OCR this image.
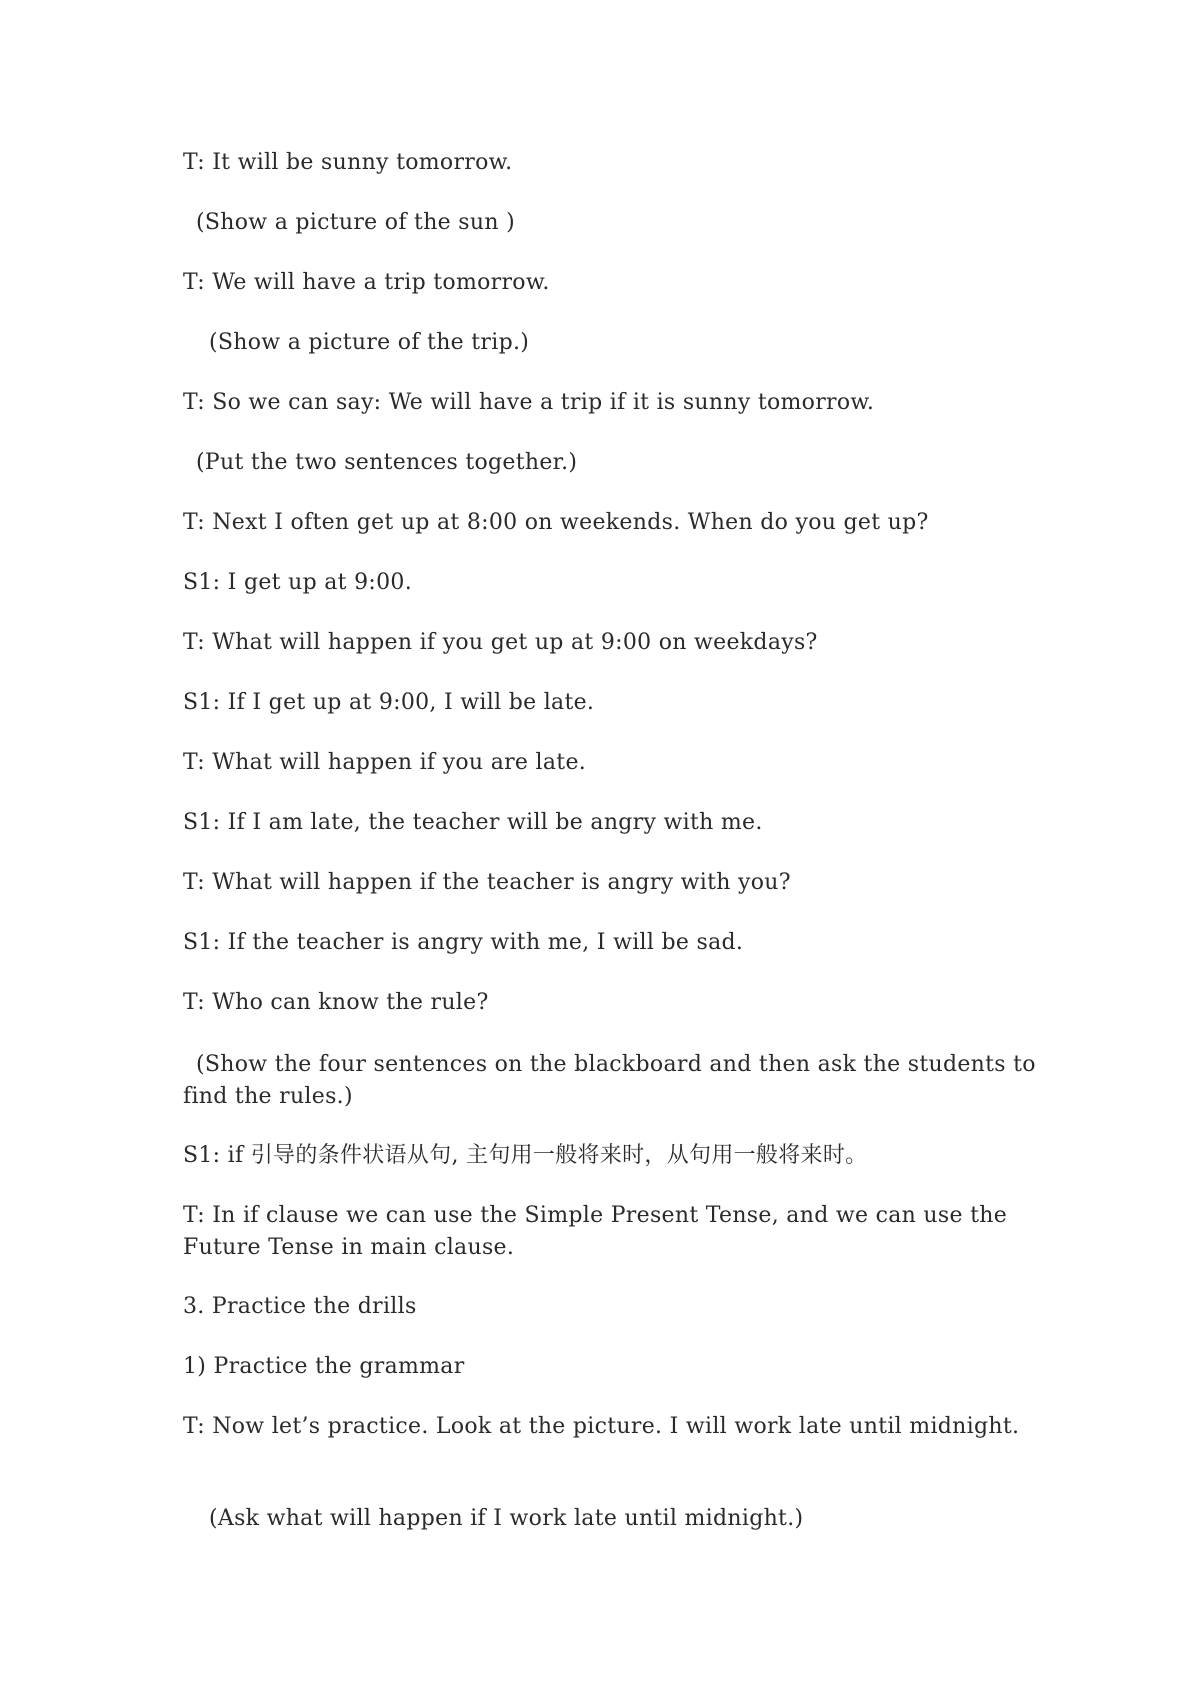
T: It will be sunny tomorrow.

(Show a picture of the sun )

T: We will have a trip tomorrow.

(Show a picture of the trip.)

T: So we can say: We will have a trip if it is sunny tomorrow.

(Put the two sentences together.)

T: Next I often get up at 8:00 on weekends. When do you get up?

S1: I get up at 9:00.

T: What will happen if you get up at 9:00 on weekdays?

S1: If I get up at 9:00, I will be late.

T: What will happen if you are late.

S1: If I am late, the teacher will be angry with me.

T: What will happen if the teacher is angry with you?

S1: If the teacher is angry with me, I will be sad.

T: Who can know the rule?

(Show the four sentences on the blackboard and then ask the students to find the rules.)

S1: if 引导的条件状语从句, 主句用一般将来时，从句用一般将来时。

T: In if clause we can use the Simple Present Tense, and we can use the Future Tense in main clause.

3. Practice the drills

1) Practice the grammar

T: Now let’s practice. Look at the picture. I will work late until midnight.

(Ask what will happen if I work late until midnight.)
